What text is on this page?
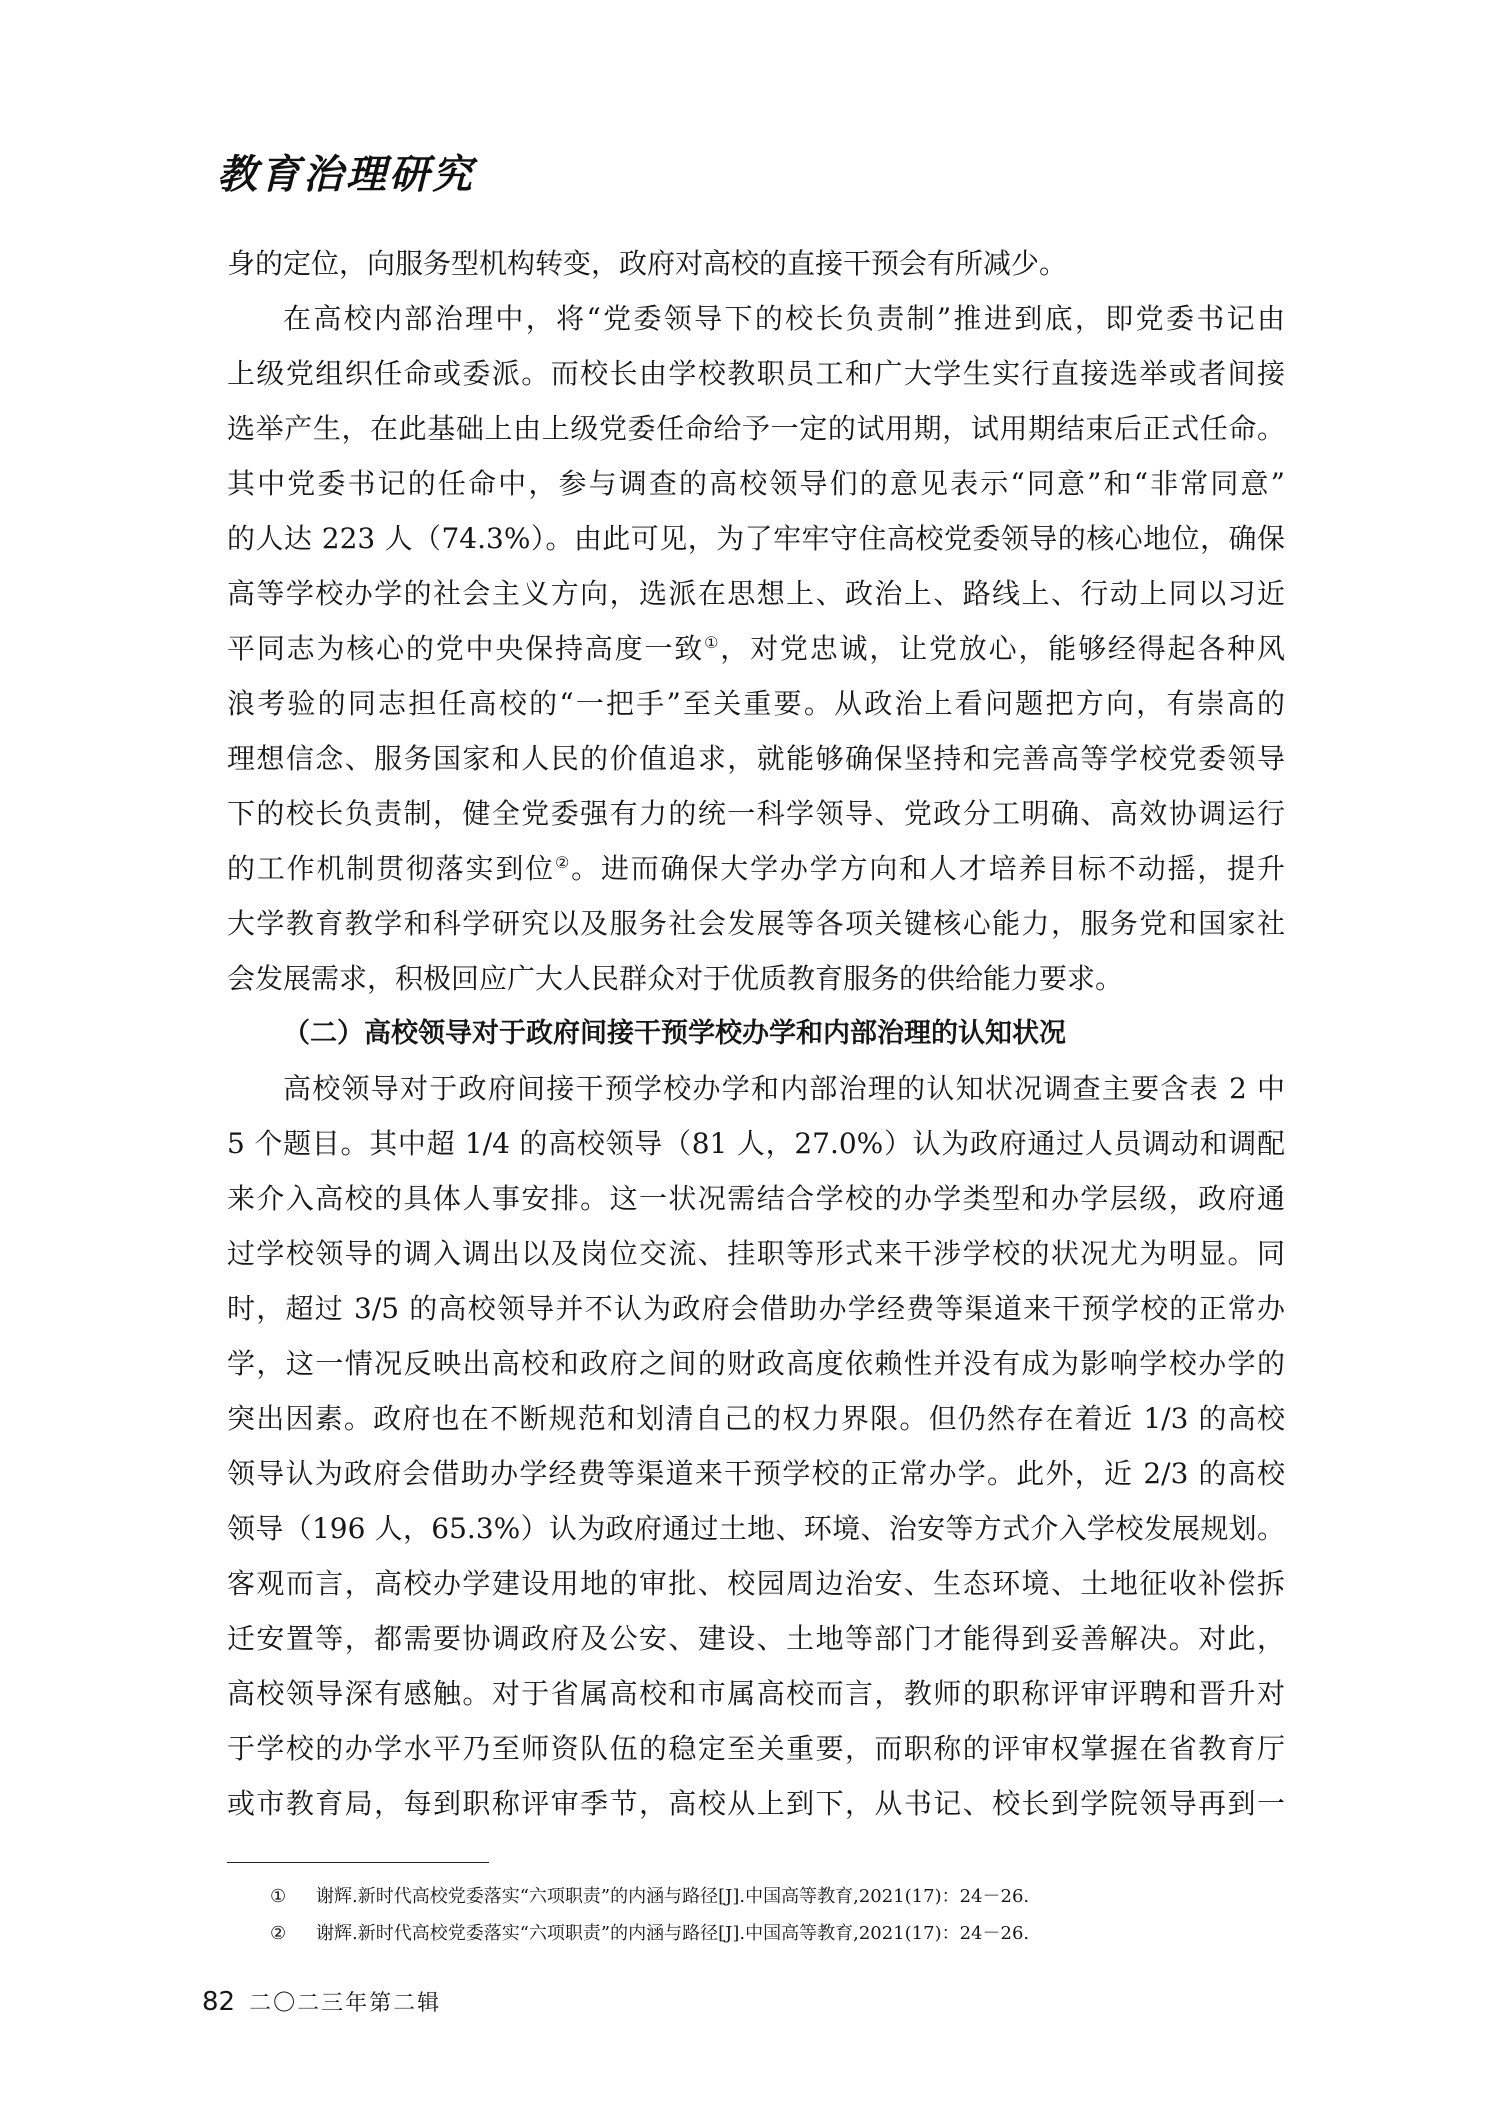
教育治理研究
身的定位，向服务型机构转变，政府对高校的直接干预会有所减少。
在高校内部治理中，将“党委领导下的校长负责制”推进到底，即党委书记由
上级党组织任命或委派。而校长由学校教职员工和广大学生实行直接选举或者间接
选举产生，在此基础上由上级党委任命给予一定的试用期，试用期结束后正式任命。
其中党委书记的任命中，参与调查的高校领导们的意见表示“同意”和“非常同意”
的人达 223 人（74.3%）。由此可见，为了牢牢守住高校党委领导的核心地位，确保
高等学校办学的社会主义方向，选派在思想上、政治上、路线上、行动上同以习近
平同志为核心的党中央保持高度一致①，对党忠诚，让党放心，能够经得起各种风
浪考验的同志担任高校的“一把手”至关重要。从政治上看问题把方向，有崇高的
理想信念、服务国家和人民的价值追求，就能够确保坚持和完善高等学校党委领导
下的校长负责制，健全党委强有力的统一科学领导、党政分工明确、高效协调运行
的工作机制贯彻落实到位②。进而确保大学办学方向和人才培养目标不动摇，提升
大学教育教学和科学研究以及服务社会发展等各项关键核心能力，服务党和国家社
会发展需求，积极回应广大人民群众对于优质教育服务的供给能力要求。
（二）高校领导对于政府间接干预学校办学和内部治理的认知状况
高校领导对于政府间接干预学校办学和内部治理的认知状况调查主要含表 2 中
5 个题目。其中超 1/4 的高校领导（81 人，27.0%）认为政府通过人员调动和调配
来介入高校的具体人事安排。这一状况需结合学校的办学类型和办学层级，政府通
过学校领导的调入调出以及岗位交流、挂职等形式来干涉学校的状况尤为明显。同
时，超过 3/5 的高校领导并不认为政府会借助办学经费等渠道来干预学校的正常办
学，这一情况反映出高校和政府之间的财政高度依赖性并没有成为影响学校办学的
突出因素。政府也在不断规范和划清自己的权力界限。但仍然存在着近 1/3 的高校
领导认为政府会借助办学经费等渠道来干预学校的正常办学。此外，近 2/3 的高校
领导（196 人，65.3%）认为政府通过土地、环境、治安等方式介入学校发展规划。
客观而言，高校办学建设用地的审批、校园周边治安、生态环境、土地征收补偿拆
迁安置等，都需要协调政府及公安、建设、土地等部门才能得到妥善解决。对此，
高校领导深有感触。对于省属高校和市属高校而言，教师的职称评审评聘和晋升对
于学校的办学水平乃至师资队伍的稳定至关重要，而职称的评审权掌握在省教育厅
或市教育局，每到职称评审季节，高校从上到下，从书记、校长到学院领导再到一
① 谢辉.新时代高校党委落实“六项职责”的内涵与路径[J].中国高等教育,2021(17)：24－26.
② 谢辉.新时代高校党委落实“六项职责”的内涵与路径[J].中国高等教育,2021(17)：24－26.
82 二〇二三年第二辑
